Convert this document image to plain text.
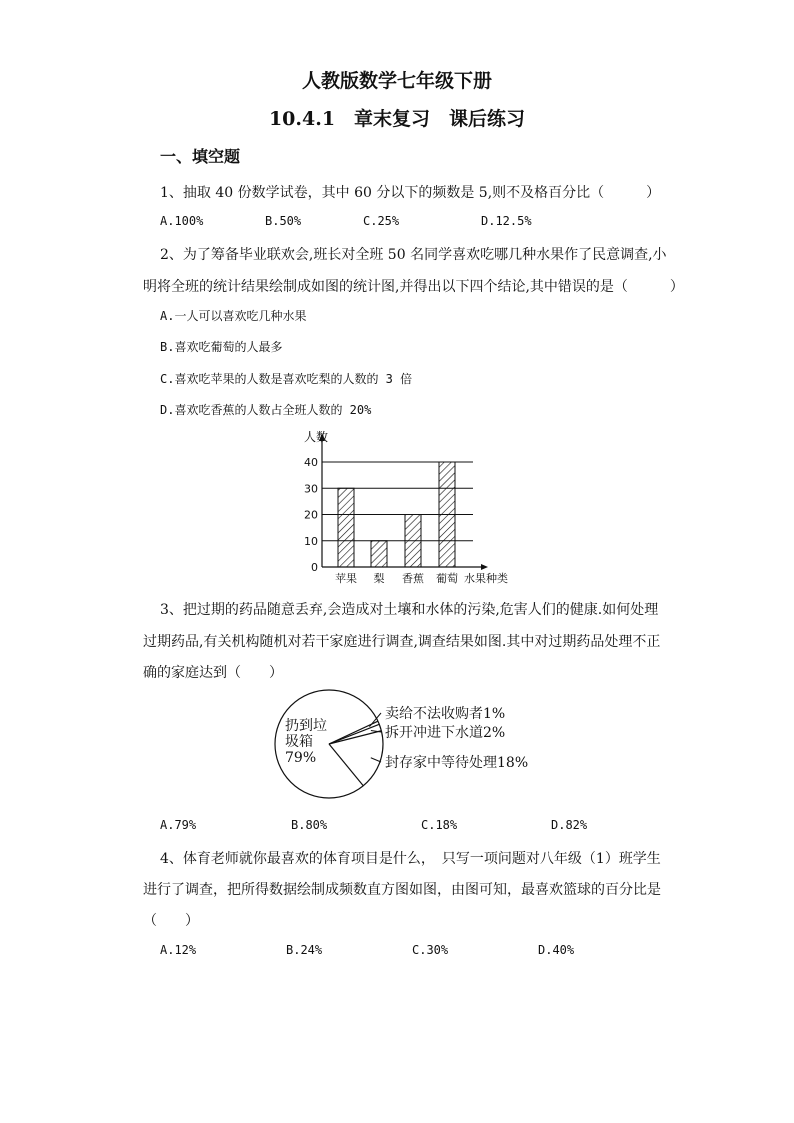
人教版数学七年级下册
10.4.1　章末复习　课后练习
一、填空题
1、抽取 40 份数学试卷，其中 60 分以下的频数是 5,则不及格百分比（　　　）
A.100%	B.50%	C.25%	D.12.5%
2、为了筹备毕业联欢会,班长对全班 50 名同学喜欢吃哪几种水果作了民意调查,小
明将全班的统计结果绘制成如图的统计图,并得出以下四个结论,其中错误的是（　　　）
A.一人可以喜欢吃几种水果
B.喜欢吃葡萄的人最多
C.喜欢吃苹果的人数是喜欢吃梨的人数的 3 倍
D.喜欢吃香蕉的人数占全班人数的 20%
0
10
20
30
40
苹果 梨 香蕉 葡萄
人数
水果种类
3、把过期的药品随意丢弃,会造成对土壤和水体的污染,危害人们的健康.如何处理
过期药品,有关机构随机对若干家庭进行调查,调查结果如图.其中对过期药品处理不正
确的家庭达到（　　）
扔到垃
圾箱
79%
卖给不法收购者1%
拆开冲进下水道2%
封存家中等待处理18%
A.79%	B.80%	C.18%	D.82%
4、体育老师就你最喜欢的体育项目是什么，　只写一项问题对八年级（1）班学生
进行了调查，把所得数据绘制成频数直方图如图，由图可知，最喜欢篮球的百分比是
（　　）
A.12%	B.24%	C.30%	D.40%
